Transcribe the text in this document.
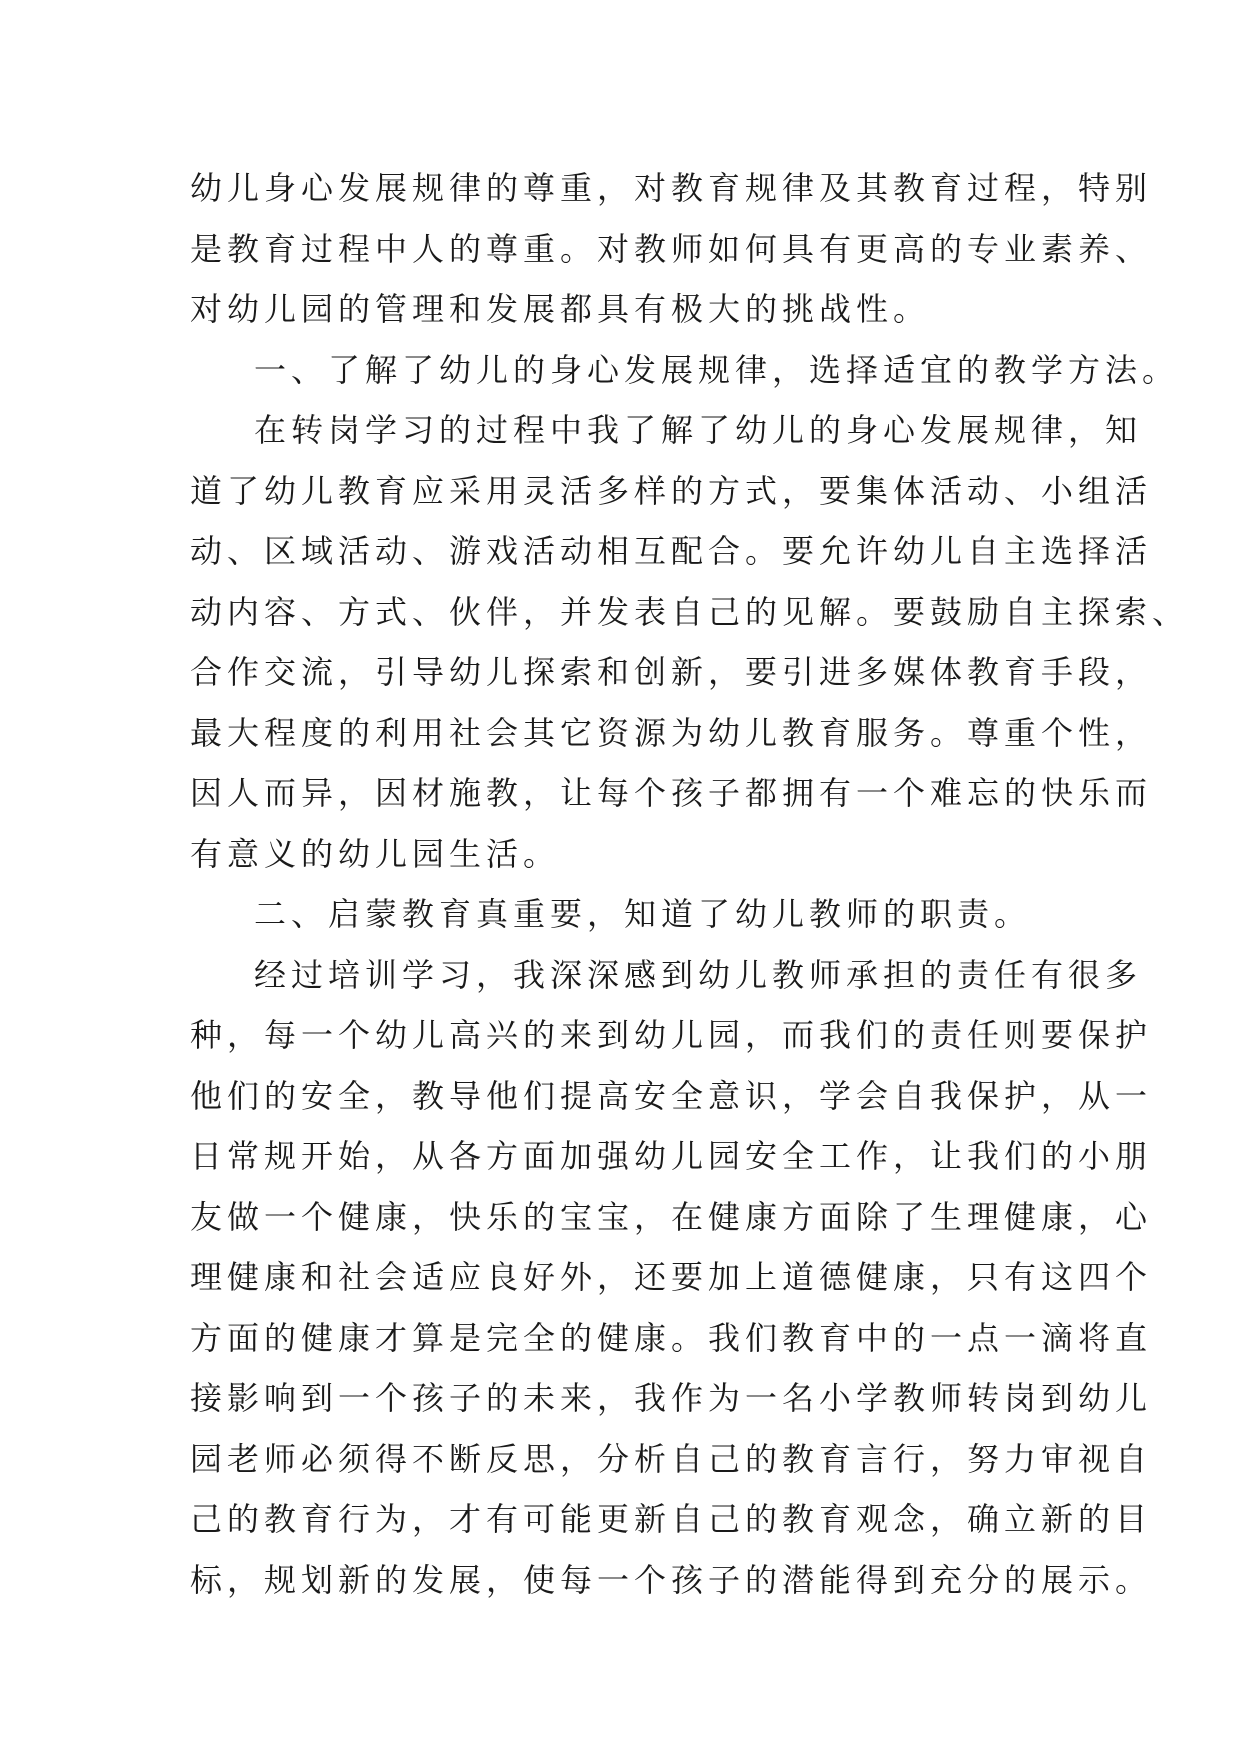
幼儿身心发展规律的尊重，对教育规律及其教育过程，特别
是教育过程中人的尊重。对教师如何具有更高的专业素养、
对幼儿园的管理和发展都具有极大的挑战性。
一、了解了幼儿的身心发展规律，选择适宜的教学方法。
在转岗学习的过程中我了解了幼儿的身心发展规律，知
道了幼儿教育应采用灵活多样的方式，要集体活动、小组活
动、区域活动、游戏活动相互配合。要允许幼儿自主选择活
动内容、方式、伙伴，并发表自己的见解。要鼓励自主探索、
合作交流，引导幼儿探索和创新，要引进多媒体教育手段，
最大程度的利用社会其它资源为幼儿教育服务。尊重个性，
因人而异，因材施教，让每个孩子都拥有一个难忘的快乐而
有意义的幼儿园生活。
二、启蒙教育真重要，知道了幼儿教师的职责。
经过培训学习，我深深感到幼儿教师承担的责任有很多
种，每一个幼儿高兴的来到幼儿园，而我们的责任则要保护
他们的安全，教导他们提高安全意识，学会自我保护，从一
日常规开始，从各方面加强幼儿园安全工作，让我们的小朋
友做一个健康，快乐的宝宝，在健康方面除了生理健康，心
理健康和社会适应良好外，还要加上道德健康，只有这四个
方面的健康才算是完全的健康。我们教育中的一点一滴将直
接影响到一个孩子的未来，我作为一名小学教师转岗到幼儿
园老师必须得不断反思，分析自己的教育言行，努力审视自
己的教育行为，才有可能更新自己的教育观念，确立新的目
标，规划新的发展，使每一个孩子的潜能得到充分的展示。
